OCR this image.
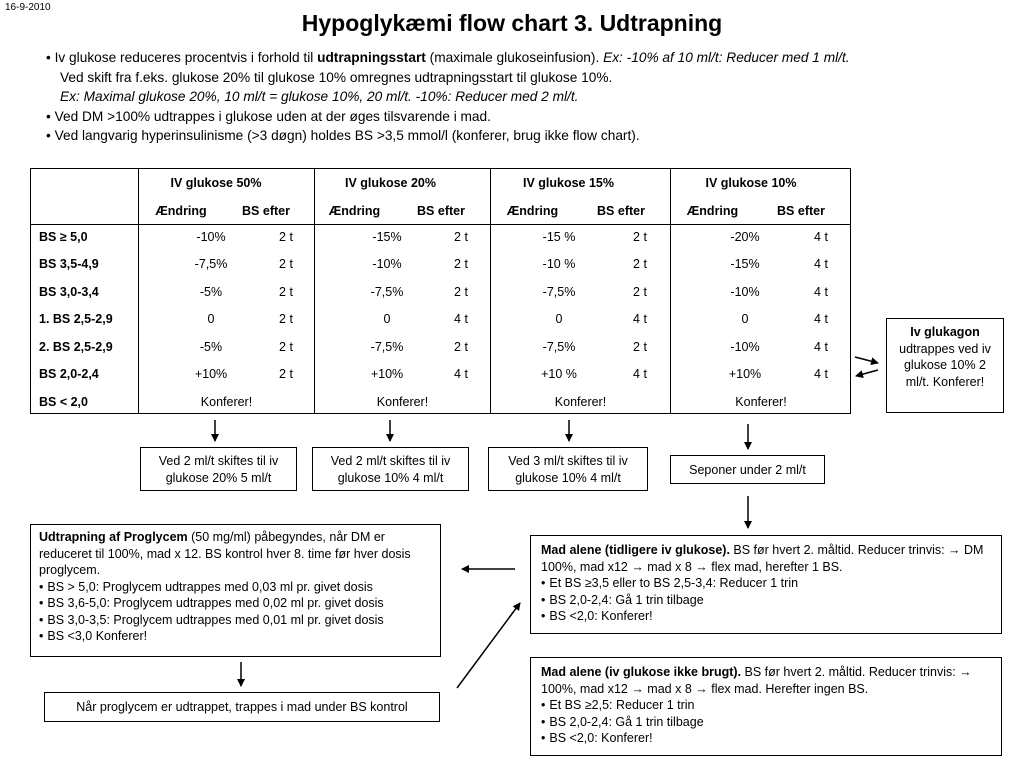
16-9-2010
Hypoglykæmi flow chart 3. Udtrapning
• Iv glukose reduceres procentvis i forhold til udtrapningsstart (maximale glukoseinfusion). Ex: -10% af 10 ml/t: Reducer med 1 ml/t.
Ved skift fra f.eks. glukose 20% til glukose 10% omregnes udtrapningsstart til glukose 10%.
Ex: Maximal glukose 20%, 10 ml/t = glukose 10%, 20 ml/t. -10%: Reducer med 2 ml/t.
• Ved DM >100% udtrappes i glukose uden at der øges tilsvarende i mad.
• Ved langvarig hyperinsulinisme (>3 døgn) holdes BS >3,5 mmol/l (konferer, brug ikke flow chart).
IV glukose 50%	IV glukose 20%	IV glukose 15%	IV glukose 10%
Ændring	BS efter	Ændring	BS efter	Ændring	BS efter	Ændring	BS efter
BS ≥ 5,0	-10%	2 t	-15%	2 t	-15 %	2 t	-20%	4 t
BS 3,5-4,9	-7,5%	2 t	-10%	2 t	-10 %	2 t	-15%	4 t
BS 3,0-3,4	-5%	2 t	-7,5%	2 t	-7,5%	2 t	-10%	4 t
1. BS 2,5-2,9	0	2 t	0	4 t	0	4 t	0	4 t
2. BS 2,5-2,9	-5%	2 t	-7,5%	2 t	-7,5%	2 t	-10%	4 t
BS 2,0-2,4	+10%	2 t	+10%	4 t	+10 %	4 t	+10%	4 t
BS < 2,0	Konferer!	Konferer!	Konferer!	Konferer!
Iv glukagon
udtrappes ved iv glukose 10% 2 ml/t. Konferer!
Ved 2 ml/t skiftes til iv glukose 20% 5 ml/t
Ved 2 ml/t skiftes til iv glukose 10% 4 ml/t
Ved 3 ml/t skiftes til iv glukose 10% 4 ml/t
Seponer under 2 ml/t
Udtrapning af Proglycem (50 mg/ml) påbegyndes, når DM er reduceret til 100%, mad x 12. BS kontrol hver 8. time før hver dosis proglycem.
• BS > 5,0: Proglycem udtrappes med 0,03 ml pr. givet dosis
• BS 3,6-5,0: Proglycem udtrappes med 0,02 ml pr. givet dosis
• BS 3,0-3,5: Proglycem udtrappes med 0,01 ml pr. givet dosis
• BS <3,0 Konferer!
Når proglycem er udtrappet, trappes i mad under BS kontrol
Mad alene (tidligere iv glukose). BS før hvert 2. måltid. Reducer trinvis: → DM 100%, mad x12 → mad x 8 → flex mad, herefter 1 BS.
• Et BS ≥3,5 eller to BS 2,5-3,4: Reducer 1 trin
• BS 2,0-2,4: Gå 1 trin tilbage
• BS <2,0: Konferer!
Mad alene (iv glukose ikke brugt). BS før hvert 2. måltid. Reducer trinvis: → 100%, mad x12 → mad x 8 → flex mad. Herefter ingen BS.
• Et BS ≥2,5: Reducer 1 trin
• BS 2,0-2,4: Gå 1 trin tilbage
• BS <2,0: Konferer!
